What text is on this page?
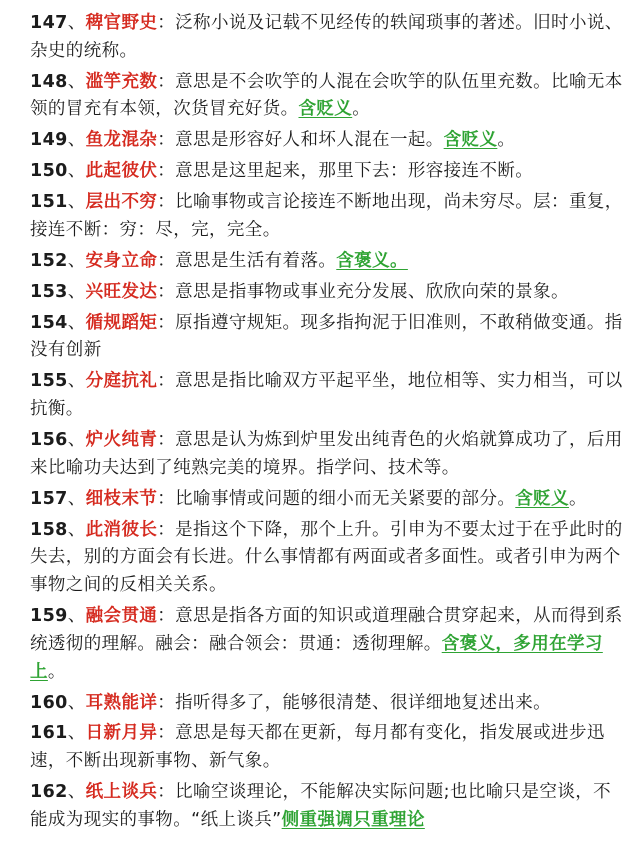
147、稗官野史：泛称小说及记载不见经传的轶闻琐事的著述。旧时小说、杂史的统称。
148、滥竽充数：意思是不会吹竽的人混在会吹竽的队伍里充数。比喻无本领的冒充有本领，次货冒充好货。含贬义。
149、鱼龙混杂：意思是形容好人和坏人混在一起。含贬义。
150、此起彼伏：意思是这里起来，那里下去：形容接连不断。
151、层出不穷：比喻事物或言论接连不断地出现，尚未穷尽。层：重复，接连不断：穷：尽，完，完全。
152、安身立命：意思是生活有着落。含褒义。
153、兴旺发达：意思是指事物或事业充分发展、欣欣向荣的景象。
154、循规蹈矩：原指遵守规矩。现多指拘泥于旧准则，不敢稍做变通。指没有创新
155、分庭抗礼：意思是指比喻双方平起平坐，地位相等、实力相当，可以抗衡。
156、炉火纯青：意思是认为炼到炉里发出纯青色的火焰就算成功了，后用来比喻功夫达到了纯熟完美的境界。指学问、技术等。
157、细枝末节：比喻事情或问题的细小而无关紧要的部分。含贬义。
158、此消彼长：是指这个下降，那个上升。引申为不要太过于在乎此时的失去，别的方面会有长进。什么事情都有两面或者多面性。或者引申为两个事物之间的反相关关系。
159、融会贯通：意思是指各方面的知识或道理融合贯穿起来，从而得到系统透彻的理解。融会：融合领会：贯通：透彻理解。含褒义，多用在学习上。
160、耳熟能详：指听得多了，能够很清楚、很详细地复述出来。
161、日新月异：意思是每天都在更新，每月都有变化，指发展或进步迅速，不断出现新事物、新气象。
162、纸上谈兵：比喻空谈理论，不能解决实际问题;也比喻只是空谈，不能成为现实的事物。“纸上谈兵”侧重强调只重理论
